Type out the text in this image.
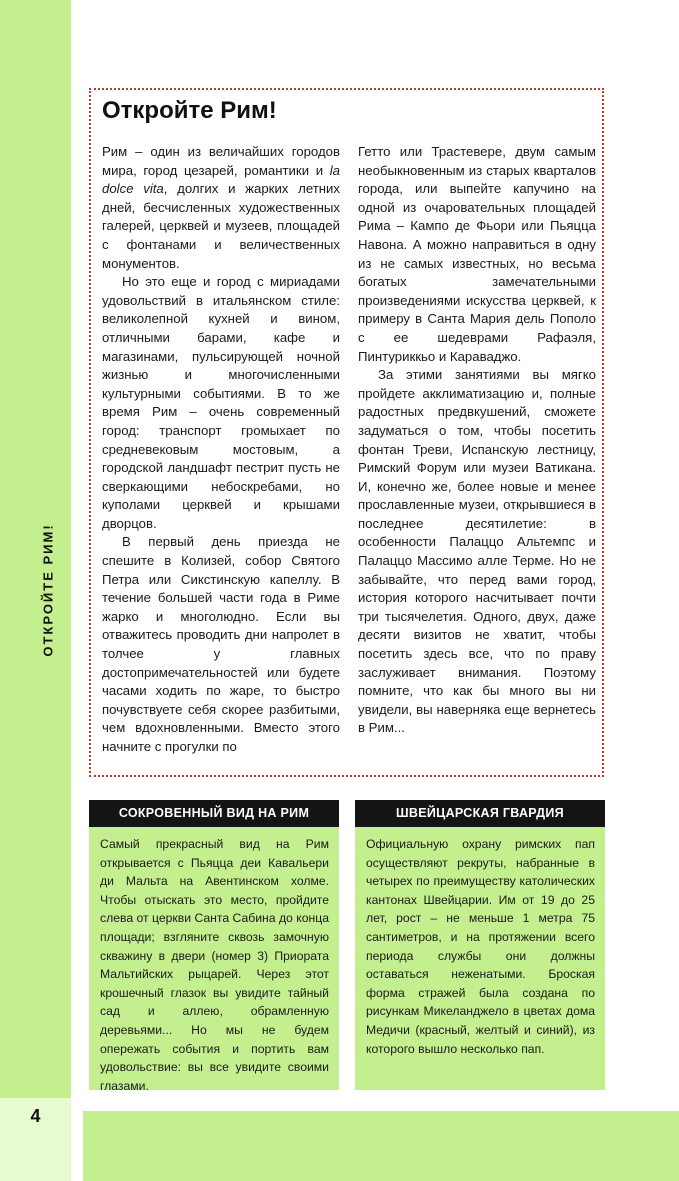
ОТКРОЙТЕ РИМ!
4
Откройте Рим!

Рим – один из величайших городов мира, город цезарей, романтики и la dolce vita, долгих и жарких летних дней, бесчисленных художественных галерей, церквей и музеев, площадей с фонтанами и величественных монументов.

Но это еще и город с мириадами удовольствий в итальянском стиле: великолепной кухней и вином, отличными барами, кафе и магазинами, пульсирующей ночной жизнью и многочисленными культурными событиями. В то же время Рим – очень современный город: транспорт громыхает по средневековым мостовым, а городской ландшафт пестрит пусть не сверкающими небоскребами, но куполами церквей и крышами дворцов.

В первый день приезда не спешите в Колизей, собор Святого Петра или Сикстинскую капеллу. В течение большей части года в Риме жарко и многолюдно. Если вы отважитесь проводить дни напролет в толчее у главных достопримечательностей или будете часами ходить по жаре, то быстро почувствуете себя скорее разбитыми, чем вдохновленными. Вместо этого начните с прогулки по

Гетто или Трастевере, двум самым необыкновенным из старых кварталов города, или выпейте капучино на одной из очаровательных площадей Рима – Кампо де Фьори или Пьяцца Навона. А можно направиться в одну из не самых известных, но весьма богатых замечательными произведениями искусства церквей, к примеру в Санта Мария дель Пополо с ее шедеврами Рафаэля, Пинтуриккьо и Караваджо.

За этими занятиями вы мягко пройдете акклиматизацию и, полные радостных предвкушений, сможете задуматься о том, чтобы посетить фонтан Треви, Испанскую лестницу, Римский Форум или музеи Ватикана. И, конечно же, более новые и менее прославленные музеи, открывшиеся в последнее десятилетие: в особенности Палаццо Альтемпс и Палаццо Массимо алле Терме. Но не забывайте, что перед вами город, история которого насчитывает почти три тысячелетия. Одного, двух, даже десяти визитов не хватит, чтобы посетить здесь все, что по праву заслуживает внимания. Поэтому помните, что как бы много вы ни увидели, вы наверняка еще вернетесь в Рим...

СОКРОВЕННЫЙ ВИД НА РИМ
Самый прекрасный вид на Рим открывается с Пьяцца деи Кавальери ди Мальта на Авентинском холме. Чтобы отыскать это место, пройдите слева от церкви Санта Сабина до конца площади; взгляните сквозь замочную скважину в двери (номер 3) Приората Мальтийских рыцарей. Через этот крошечный глазок вы увидите тайный сад и аллею, обрамленную деревьями... Но мы не будем опережать события и портить вам удовольствие: вы все увидите своими глазами.
ШВЕЙЦАРСКАЯ ГВАРДИЯ
Официальную охрану римских пап осуществляют рекруты, набранные в четырех по преимуществу католических кантонах Швейцарии. Им от 19 до 25 лет, рост – не меньше 1 метра 75 сантиметров, и на протяжении всего периода службы они должны оставаться неженатыми. Броская форма стражей была создана по рисункам Микеланджело в цветах дома Медичи (красный, желтый и синий), из которого вышло несколько пап.
